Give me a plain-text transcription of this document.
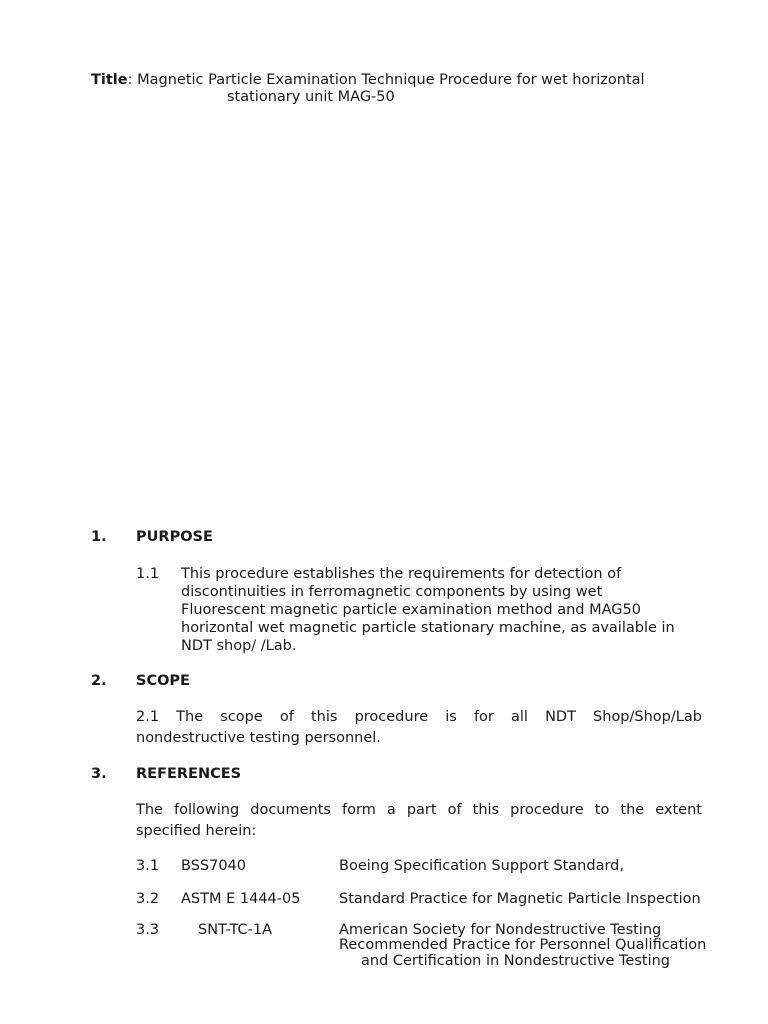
Title: Magnetic Particle Examination Technique Procedure for wet horizontal
stationary unit MAG-50
1. PURPOSE
1.1 This procedure establishes the requirements for detection of
discontinuities in ferromagnetic components by using wet
Fluorescent magnetic particle examination method and MAG50
horizontal wet magnetic particle stationary machine, as available in
NDT shop/ /Lab.
2. SCOPE
2.1 The scope of this procedure is for all NDT Shop/Shop/Lab
nondestructive testing personnel.
3. REFERENCES
The following documents form a part of this procedure to the extent
specified herein:
3.1 BSS7040	Boeing Specification Support Standard,
3.2 ASTM E 1444-05	Standard Practice for Magnetic Particle Inspection
3.3	SNT-TC-1A	American Society for Nondestructive Testing
Recommended Practice for Personnel Qualification
and Certification in Nondestructive Testing
